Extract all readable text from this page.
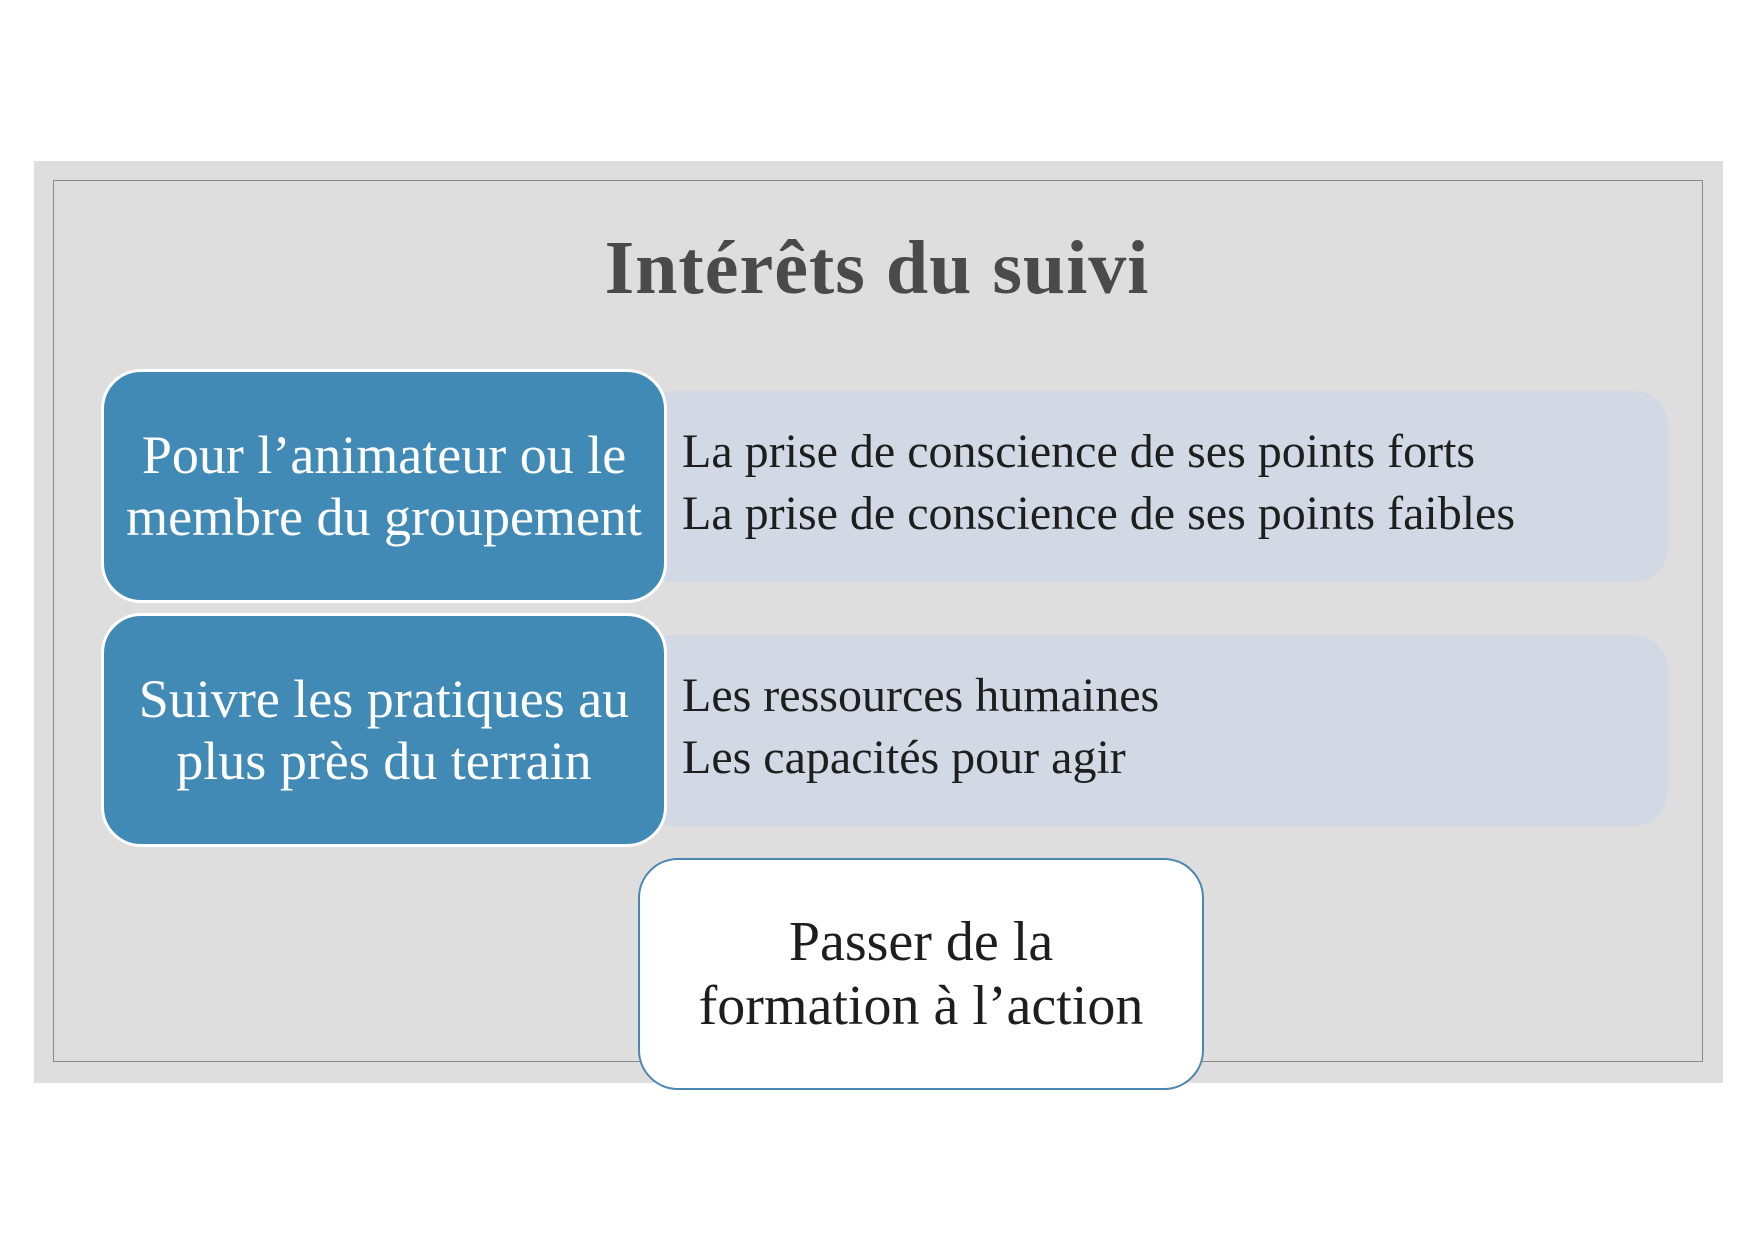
Intérêts du suivi
La prise de conscience de ses points forts
La prise de conscience de ses points faibles
Pour l’animateur ou le membre du groupement
Les ressources humaines
Les capacités pour agir
Suivre les pratiques au plus près du terrain
Passer de la formation à l’action
